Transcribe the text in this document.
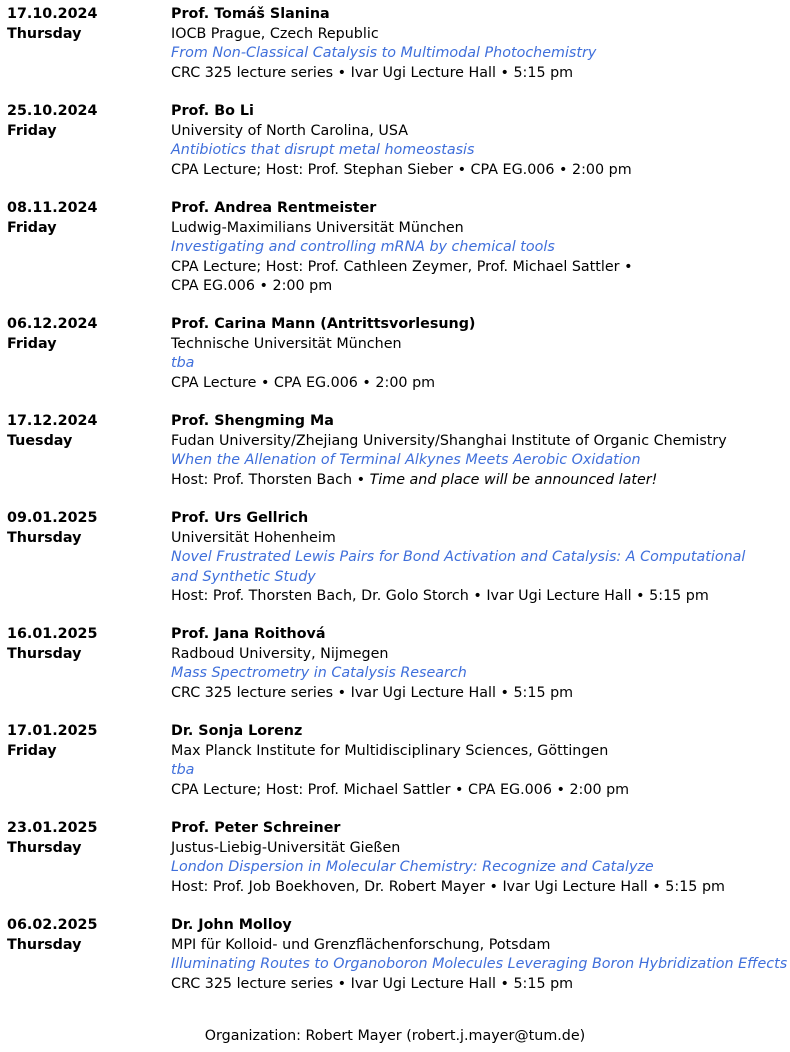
17.10.2024
Thursday
Prof. Tomáš Slanina
IOCB Prague, Czech Republic
From Non-Classical Catalysis to Multimodal Photochemistry
CRC 325 lecture series • Ivar Ugi Lecture Hall • 5:15 pm
25.10.2024
Friday
Prof. Bo Li
University of North Carolina, USA
Antibiotics that disrupt metal homeostasis
CPA Lecture; Host: Prof. Stephan Sieber • CPA EG.006 • 2:00 pm
08.11.2024
Friday
Prof. Andrea Rentmeister
Ludwig-Maximilians Universität München
Investigating and controlling mRNA by chemical tools
CPA Lecture; Host: Prof. Cathleen Zeymer, Prof. Michael Sattler •
CPA EG.006 • 2:00 pm
06.12.2024
Friday
Prof. Carina Mann (Antrittsvorlesung)
Technische Universität München
tba
CPA Lecture • CPA EG.006 • 2:00 pm
17.12.2024
Tuesday
Prof. Shengming Ma
Fudan University/Zhejiang University/Shanghai Institute of Organic Chemistry
When the Allenation of Terminal Alkynes Meets Aerobic Oxidation
Host: Prof. Thorsten Bach • Time and place will be announced later!
09.01.2025
Thursday
Prof. Urs Gellrich
Universität Hohenheim
Novel Frustrated Lewis Pairs for Bond Activation and Catalysis: A Computational and Synthetic Study
Host: Prof. Thorsten Bach, Dr. Golo Storch • Ivar Ugi Lecture Hall • 5:15 pm
16.01.2025
Thursday
Prof. Jana Roithová
Radboud University, Nijmegen
Mass Spectrometry in Catalysis Research
CRC 325 lecture series • Ivar Ugi Lecture Hall • 5:15 pm
17.01.2025
Friday
Dr. Sonja Lorenz
Max Planck Institute for Multidisciplinary Sciences, Göttingen
tba
CPA Lecture; Host: Prof. Michael Sattler • CPA EG.006 • 2:00 pm
23.01.2025
Thursday
Prof. Peter Schreiner
Justus-Liebig-Universität Gießen
London Dispersion in Molecular Chemistry: Recognize and Catalyze
Host: Prof. Job Boekhoven, Dr. Robert Mayer • Ivar Ugi Lecture Hall • 5:15 pm
06.02.2025
Thursday
Dr. John Molloy
MPI für Kolloid- und Grenzflächenforschung, Potsdam
Illuminating Routes to Organoboron Molecules Leveraging Boron Hybridization Effects
CRC 325 lecture series • Ivar Ugi Lecture Hall • 5:15 pm
Organization: Robert Mayer (robert.j.mayer@tum.de)
